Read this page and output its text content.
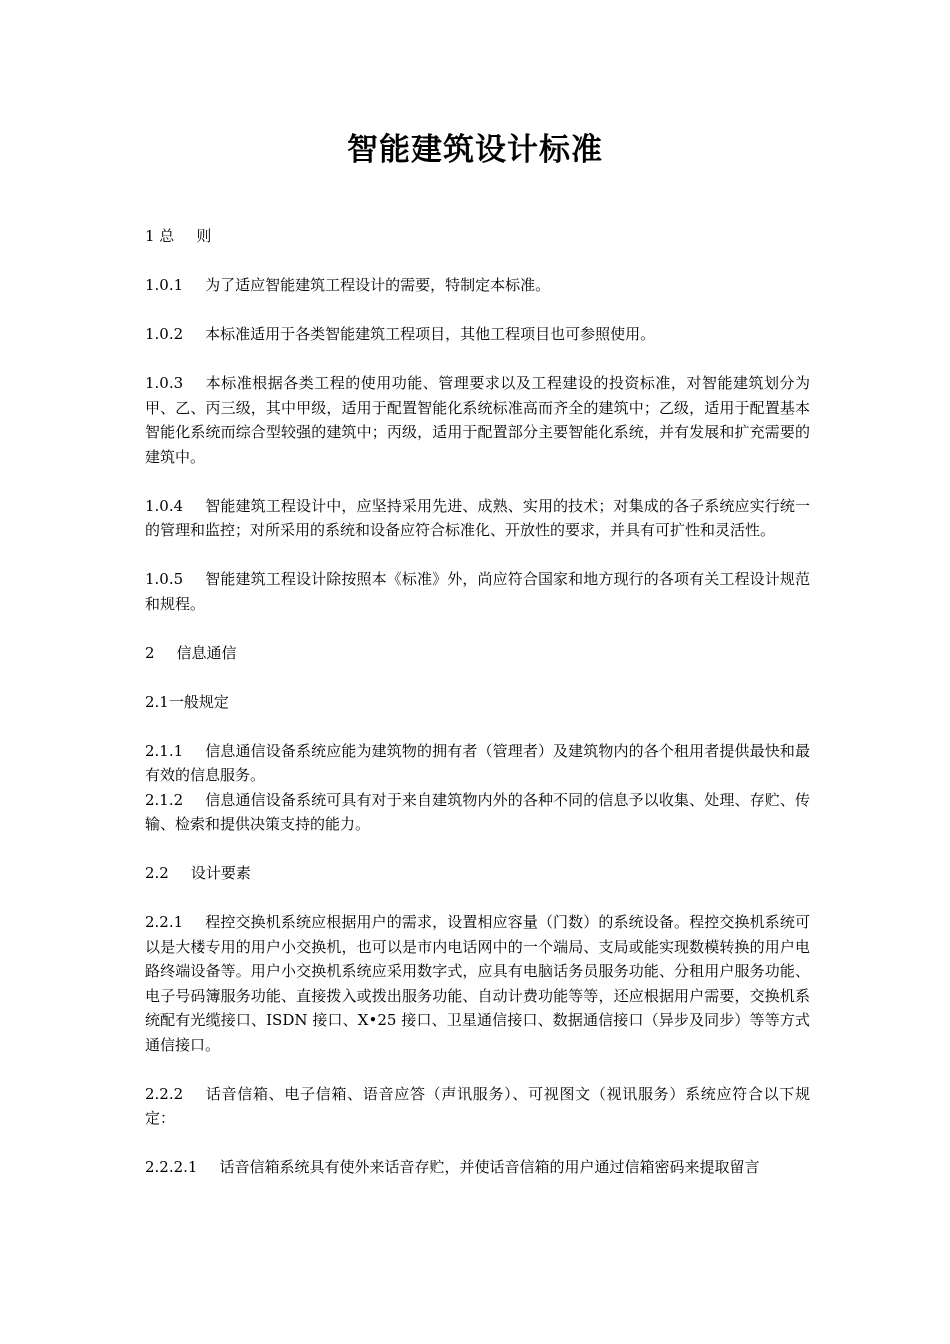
智能建筑设计标准

1 总 则

1.0.1 为了适应智能建筑工程设计的需要，特制定本标准。

1.0.2 本标准适用于各类智能建筑工程项目，其他工程项目也可参照使用。

1.0.3 本标准根据各类工程的使用功能、管理要求以及工程建设的投资标准，对智能建筑划分为甲、乙、丙三级，其中甲级，适用于配置智能化系统标准高而齐全的建筑中；乙级，适用于配置基本智能化系统而综合型较强的建筑中；丙级，适用于配置部分主要智能化系统，并有发展和扩充需要的建筑中。

1.0.4 智能建筑工程设计中，应坚持采用先进、成熟、实用的技术；对集成的各子系统应实行统一的管理和监控；对所采用的系统和设备应符合标准化、开放性的要求，并具有可扩性和灵活性。

1.0.5 智能建筑工程设计除按照本《标准》外，尚应符合国家和地方现行的各项有关工程设计规范和规程。

2 信息通信

2.1一般规定

2.1.1 信息通信设备系统应能为建筑物的拥有者（管理者）及建筑物内的各个租用者提供最快和最有效的信息服务。

2.1.2 信息通信设备系统可具有对于来自建筑物内外的各种不同的信息予以收集、处理、存贮、传输、检索和提供决策支持的能力。

2.2 设计要素

2.2.1 程控交换机系统应根据用户的需求，设置相应容量（门数）的系统设备。程控交换机系统可以是大楼专用的用户小交换机，也可以是市内电话网中的一个端局、支局或能实现数模转换的用户电路终端设备等。用户小交换机系统应采用数字式，应具有电脑话务员服务功能、分租用户服务功能、电子号码簿服务功能、直接拨入或拨出服务功能、自动计费功能等等，还应根据用户需要，交换机系统配有光缆接口、ISDN 接口、X•25 接口、卫星通信接口、数据通信接口（异步及同步）等等方式通信接口。

2.2.2 话音信箱、电子信箱、语音应答（声讯服务）、可视图文（视讯服务）系统应符合以下规定：

2.2.2.1 话音信箱系统具有使外来话音存贮，并使话音信箱的用户通过信箱密码来提取留言
